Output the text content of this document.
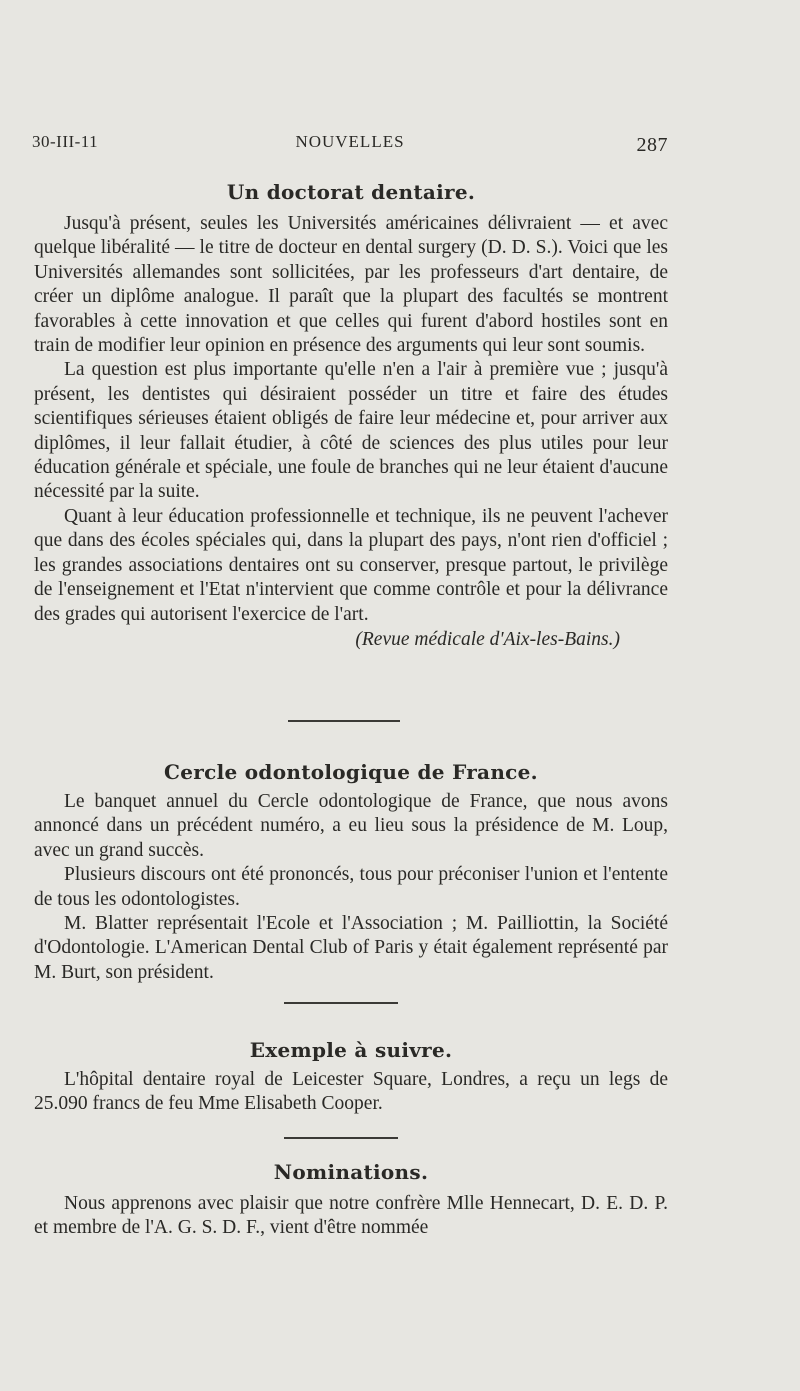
30-III-11	NOUVELLES	287
Un doctorat dentaire.

Jusqu'à présent, seules les Universités américaines délivraient — et avec quelque libéralité — le titre de docteur en dental surgery (D. D. S.). Voici que les Universités allemandes sont sollicitées, par les professeurs d'art dentaire, de créer un diplôme analogue. Il paraît que la plupart des facultés se montrent favorables à cette innovation et que celles qui furent d'abord hostiles sont en train de modifier leur opinion en présence des arguments qui leur sont soumis.

La question est plus importante qu'elle n'en a l'air à première vue ; jusqu'à présent, les dentistes qui désiraient posséder un titre et faire des études scientifiques sérieuses étaient obligés de faire leur médecine et, pour arriver aux diplômes, il leur fallait étudier, à côté de sciences des plus utiles pour leur éducation générale et spéciale, une foule de branches qui ne leur étaient d'aucune nécessité par la suite.

Quant à leur éducation professionnelle et technique, ils ne peuvent l'achever que dans des écoles spéciales qui, dans la plupart des pays, n'ont rien d'officiel ; les grandes associations dentaires ont su conserver, presque partout, le privilège de l'enseignement et l'Etat n'intervient que comme contrôle et pour la délivrance des grades qui autorisent l'exercice de l'art.

(Revue médicale d'Aix-les-Bains.)

Cercle odontologique de France.

Le banquet annuel du Cercle odontologique de France, que nous avons annoncé dans un précédent numéro, a eu lieu sous la présidence de M. Loup, avec un grand succès.

Plusieurs discours ont été prononcés, tous pour préconiser l'union et l'entente de tous les odontologistes.

M. Blatter représentait l'Ecole et l'Association ; M. Pailliottin, la Société d'Odontologie. L'American Dental Club of Paris y était également représenté par M. Burt, son président.

Exemple à suivre.

L'hôpital dentaire royal de Leicester Square, Londres, a reçu un legs de 25.090 francs de feu Mme Elisabeth Cooper.

Nominations.

Nous apprenons avec plaisir que notre confrère Mlle Hennecart, D. E. D. P. et membre de l'A. G. S. D. F., vient d'être nommée
